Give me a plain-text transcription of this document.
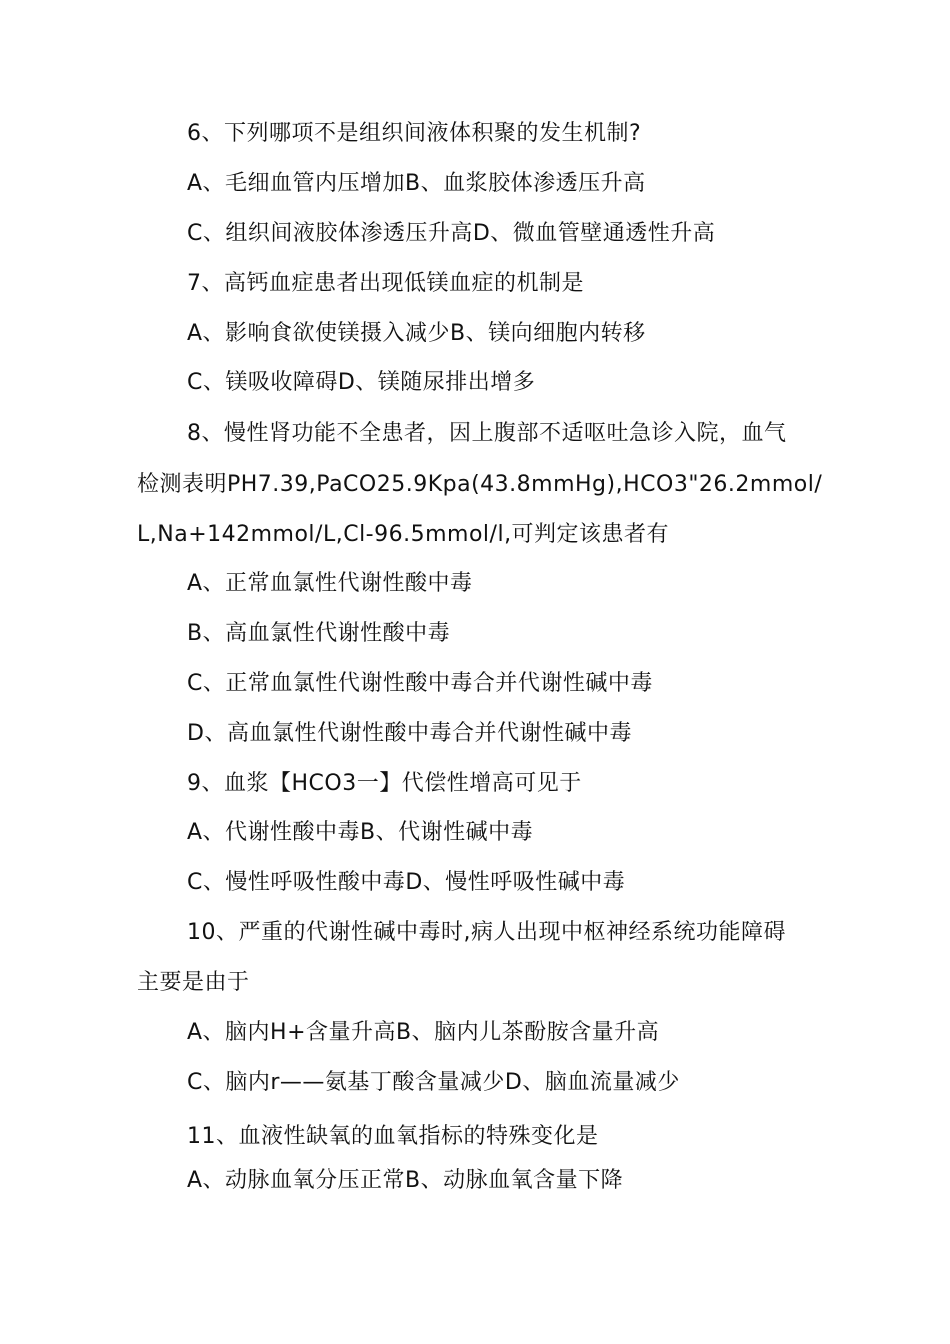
6、下列哪项不是组织间液体积聚的发生机制?
A、毛细血管内压增加B、血浆胶体渗透压升高
C、组织间液胶体渗透压升高D、微血管壁通透性升高
7、高钙血症患者出现低镁血症的机制是
A、影响食欲使镁摄入减少B、镁向细胞内转移
C、镁吸收障碍D、镁随尿排出增多
8、慢性肾功能不全患者，因上腹部不适呕吐急诊入院，血气
检测表明PH7.39,PaCO25.9Kpa(43.8mmHg),HCO3"26.2mmol/
L,Na+142mmol/L,Cl-96.5mmol/l,可判定该患者有
A、正常血氯性代谢性酸中毒
B、高血氯性代谢性酸中毒
C、正常血氯性代谢性酸中毒合并代谢性碱中毒
D、高血氯性代谢性酸中毒合并代谢性碱中毒
9、血浆【HCO3一】代偿性增高可见于
A、代谢性酸中毒B、代谢性碱中毒
C、慢性呼吸性酸中毒D、慢性呼吸性碱中毒
10、严重的代谢性碱中毒时,病人出现中枢神经系统功能障碍
主要是由于
A、脑内H+含量升高B、脑内儿茶酚胺含量升高
C、脑内r——氨基丁酸含量减少D、脑血流量减少
11、血液性缺氧的血氧指标的特殊变化是
A、动脉血氧分压正常B、动脉血氧含量下降
